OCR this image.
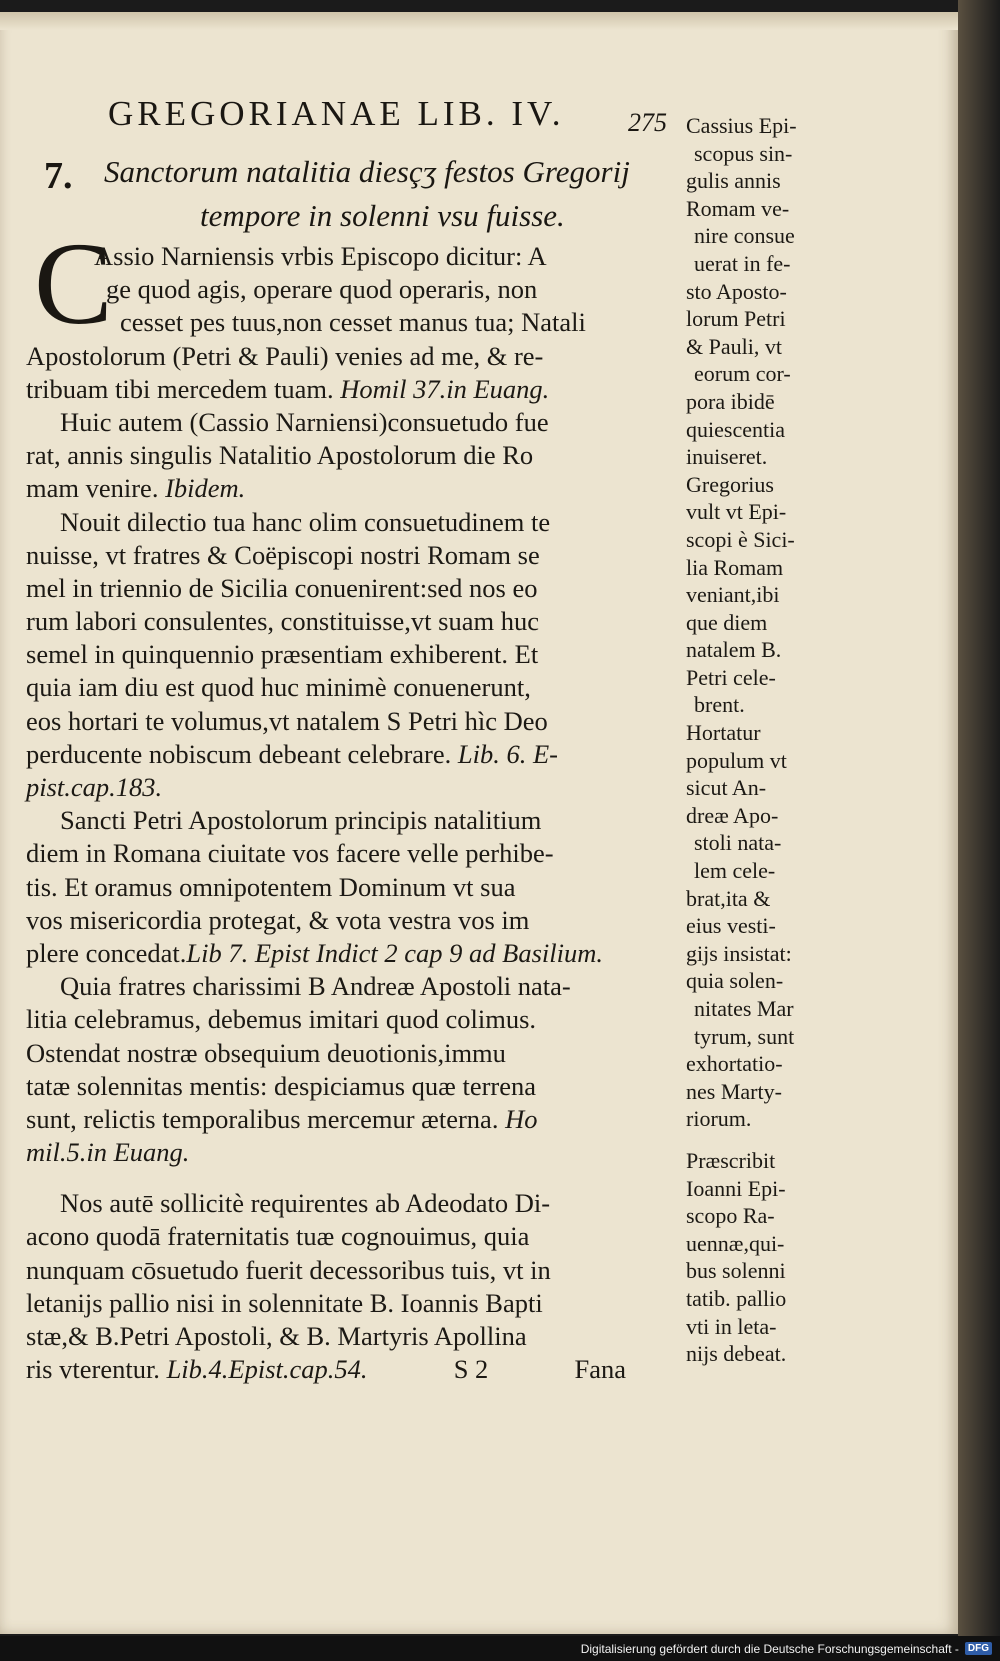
GREGORIANAE LIB. IV.	275
7. Sanctorum natalitia diesçʒ festos Gregorij
tempore in solenni vsu fuisse.
C
Assio Narniensis vrbis Episcopo dicitur: A
ge quod agis, operare quod operaris, non
cesset pes tuus,non cesset manus tua; Natali
Apostolorum (Petri & Pauli) venies ad me, & re-
tribuam tibi mercedem tuam. Homil 37.in Euang.
Huic autem (Cassio Narniensi)consuetudo fue
rat, annis singulis Natalitio Apostolorum die Ro
mam venire. Ibidem.
Nouit dilectio tua hanc olim consuetudinem te
nuisse, vt fratres & Coëpiscopi nostri Romam se
mel in triennio de Sicilia conuenirent:sed nos eo
rum labori consulentes, constituisse,vt suam huc
semel in quinquennio præsentiam exhiberent. Et
quia iam diu est quod huc minimè conuenerunt,
eos hortari te volumus,vt natalem S Petri hìc Deo
perducente nobiscum debeant celebrare. Lib. 6. E-
pist.cap.183.
Sancti Petri Apostolorum principis natalitium
diem in Romana ciuitate vos facere velle perhibe-
tis. Et oramus omnipotentem Dominum vt sua
vos misericordia protegat, & vota vestra vos im
plere concedat.Lib 7. Epist Indict 2 cap 9 ad Basilium.
Quia fratres charissimi B Andreæ Apostoli nata-
litia celebramus, debemus imitari quod colimus.
Ostendat nostræ obsequium deuotionis,immu
tatæ solennitas mentis: despiciamus quæ terrena
sunt, relictis temporalibus mercemur æterna. Ho
mil.5.in Euang.
Nos autē sollicitè requirentes ab Adeodato Di-
acono quodā fraternitatis tuæ cognouimus, quia
nunquam cōsuetudo fuerit decessoribus tuis, vt in
letanijs pallio nisi in solennitate B. Ioannis Bapti
stæ,& B.Petri Apostoli, & B. Martyris Apollina
ris vterentur. Lib.4.Epist.cap.54.	S 2	Fana
Cassius Epi-
scopus sin-
gulis annis
Romam ve-
nire consue
uerat in fe-
sto Aposto-
lorum Petri
& Pauli, vt
eorum cor-
pora ibidē
quiescentia
inuiseret.
Gregorius
vult vt Epi-
scopi è Sici-
lia Romam
veniant,ibi
que diem
natalem B.
Petri cele-
brent.
Hortatur
populum vt
sicut An-
dreæ Apo-
stoli nata-
lem cele-
brat,ita &
eius vesti-
gijs insistat:
quia solen-
nitates Mar
tyrum, sunt
exhortatio-
nes Marty-
riorum.
Præscribit
Ioanni Epi-
scopo Ra-
uennæ,qui-
bus solenni
tatib. pallio
vti in leta-
nijs debeat.
Digitalisierung gefördert durch die Deutsche Forschungsgemeinschaft - DFG
